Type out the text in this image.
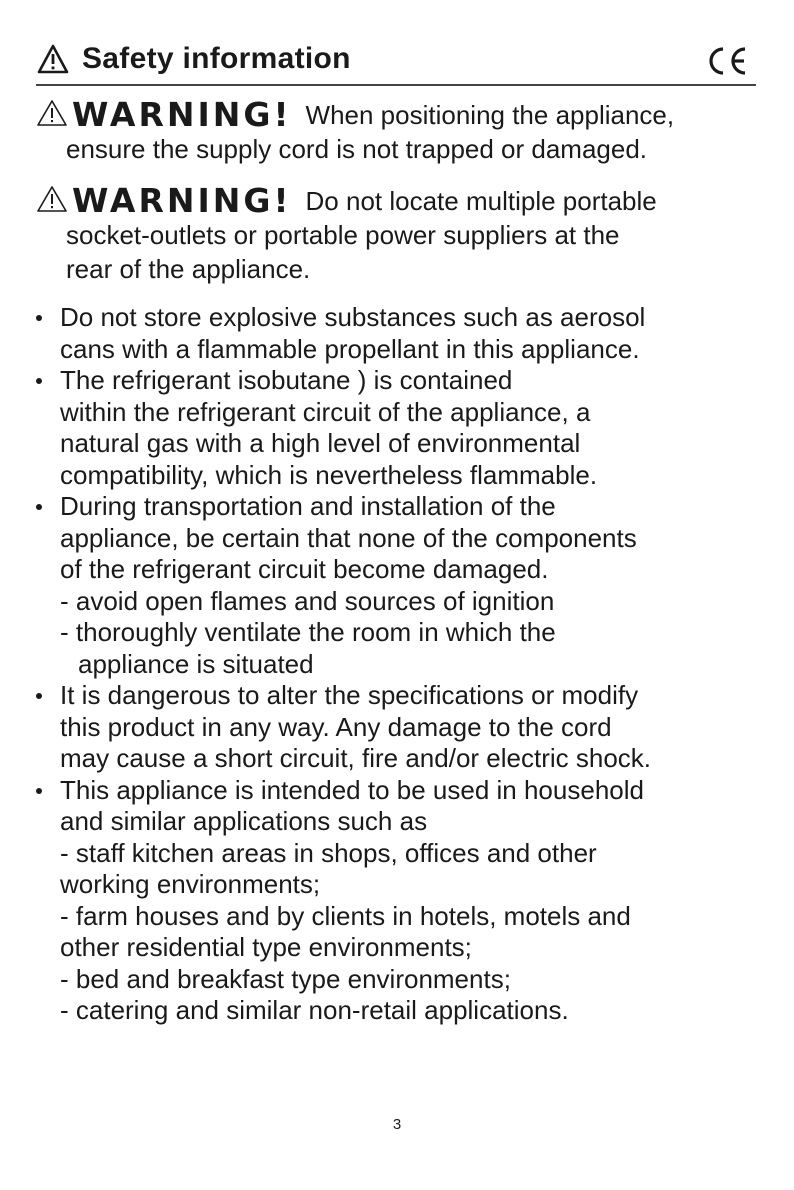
Safety information
WARNING! When positioning the appliance,
ensure the supply cord is not trapped or damaged.
WARNING! Do not locate multiple portable
socket-outlets or portable power suppliers at the
rear of the appliance.
Do not store explosive substances such as aerosol
cans with a flammable propellant in this appliance.
The refrigerant isobutane ) is contained
within the refrigerant circuit of the appliance, a
natural gas with a high level of environmental
compatibility, which is nevertheless flammable.
During transportation and installation of the
appliance, be certain that none of the components
of the refrigerant circuit become damaged.
- avoid open flames and sources of ignition
- thoroughly ventilate the room in which the
appliance is situated
It is dangerous to alter the specifications or modify
this product in any way. Any damage to the cord
may cause a short circuit, fire and/or electric shock.
This appliance is intended to be used in household
and similar applications such as
- staff kitchen areas in shops, offices and other
working environments;
- farm houses and by clients in hotels, motels and
other residential type environments;
- bed and breakfast type environments;
- catering and similar non-retail applications.
3
